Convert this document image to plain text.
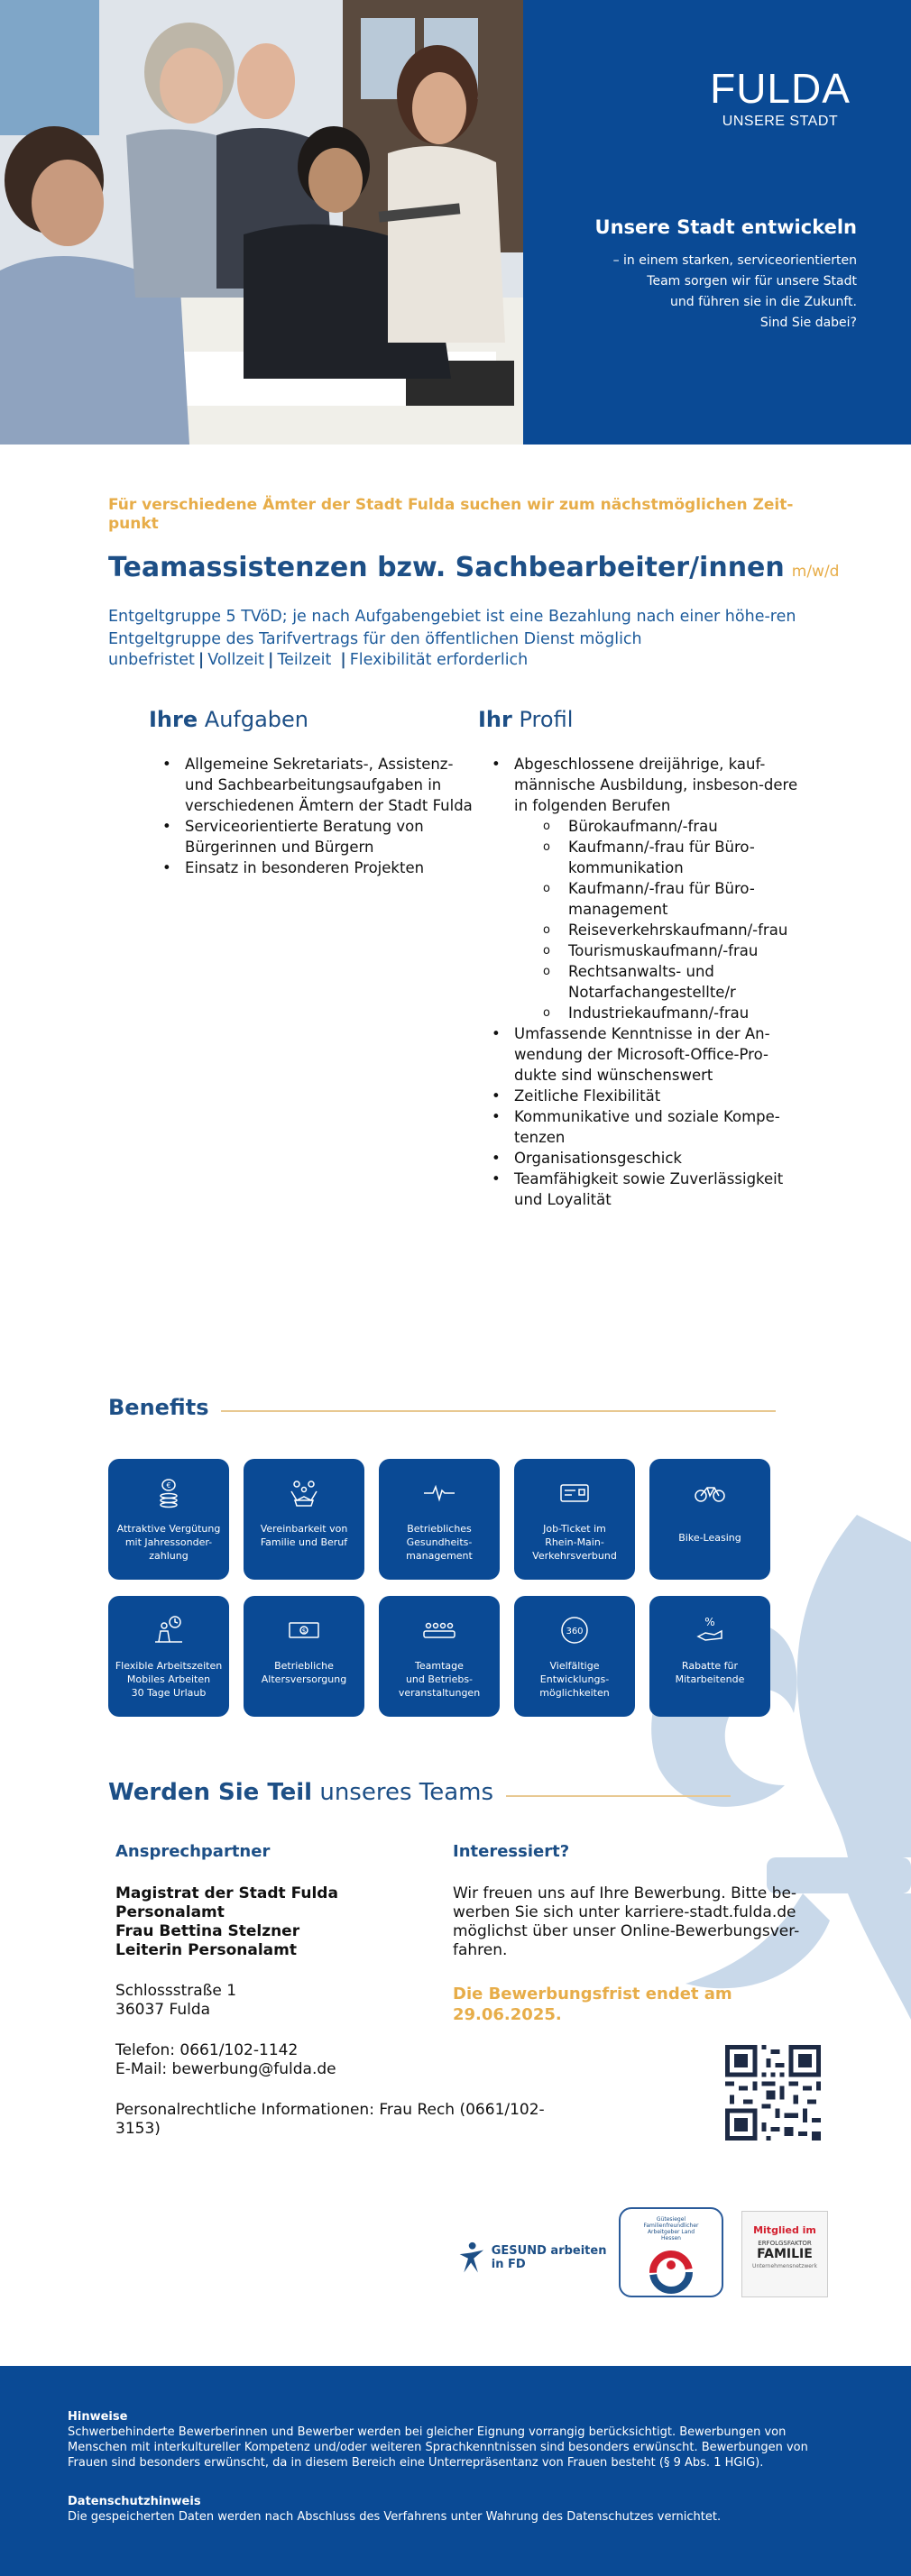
FULDA
UNSERE STADT
Unsere Stadt entwickeln
– in einem starken, serviceorientierten
Team sorgen wir für unsere Stadt
und führen sie in die Zukunft.
Sind Sie dabei?
Für verschiedene Ämter der Stadt Fulda suchen wir zum nächstmöglichen Zeit-punkt
Teamassistenzen bzw. Sachbearbeiter/innen m/w/d
Entgeltgruppe 5 TVöD; je nach Aufgabengebiet ist eine Bezahlung nach einer höhe-ren Entgeltgruppe des Tarifvertrags für den öffentlichen Dienst möglich
unbefristet | Vollzeit | Teilzeit | Flexibilität erforderlich
Ihre Aufgaben
• Allgemeine Sekretariats-, Assistenz- und Sachbearbeitungsaufgaben in verschiedenen Ämtern der Stadt Fulda
• Serviceorientierte Beratung von Bürgerinnen und Bürgern
• Einsatz in besonderen Projekten
Ihr Profil
• Abgeschlossene dreijährige, kauf-männische Ausbildung, insbeson-dere in folgenden Berufen
o Bürokaufmann/-frau
o Kaufmann/-frau für Büro-kommunikation
o Kaufmann/-frau für Büro-management
o Reiseverkehrskaufmann/-frau
o Tourismuskaufmann/-frau
o Rechtsanwalts- und Notarfachangestellte/r
o Industriekaufmann/-frau
• Umfassende Kenntnisse in der An-wendung der Microsoft-Office-Pro-dukte sind wünschenswert
• Zeitliche Flexibilität
• Kommunikative und soziale Kompe-tenzen
• Organisationsgeschick
• Teamfähigkeit sowie Zuverlässigkeit und Loyalität
Benefits
€
Attraktive Vergütung
mit Jahressonder-
zahlung
Vereinbarkeit von
Familie und Beruf
Betriebliches
Gesundheits-
management
Job-Ticket im
Rhein-Main-
Verkehrsverbund
Bike-Leasing
Flexible Arbeitszeiten
Mobiles Arbeiten
30 Tage Urlaub
$
Betriebliche
Altersversorgung
Teamtage
und Betriebs-
veranstaltungen
360
Vielfältige
Entwicklungs-
möglichkeiten
%
Rabatte für
Mitarbeitende
Werden Sie Teil unseres Teams
Ansprechpartner
Magistrat der Stadt Fulda
Personalamt
Frau Bettina Stelzner
Leiterin Personalamt
Schlossstraße 1
36037 Fulda
Telefon: 0661/102-1142
E-Mail: bewerbung@fulda.de
Personalrechtliche Informationen: Frau Rech (0661/102-3153)
Interessiert?
Wir freuen uns auf Ihre Bewerbung. Bitte be-werben Sie sich unter karriere-stadt.fulda.de möglichst über unser Online-Bewerbungsver-fahren.
Die Bewerbungsfrist endet am 29.06.2025.
GESUND arbeiten in FD
Gütesiegel Familienfreundlicher Arbeitgeber Land Hessen
Mitglied im
ERFOLGSFAKTOR
FAMILIE
Unternehmensnetzwerk
Hinweise
Schwerbehinderte Bewerberinnen und Bewerber werden bei gleicher Eignung vorrangig berücksichtigt. Bewerbungen von Menschen mit interkultureller Kompetenz und/oder weiteren Sprachkenntnissen sind besonders erwünscht. Bewerbungen von Frauen sind besonders erwünscht, da in diesem Bereich eine Unterrepräsentanz von Frauen besteht (§ 9 Abs. 1 HGlG).
Datenschutzhinweis
Die gespeicherten Daten werden nach Abschluss des Verfahrens unter Wahrung des Datenschutzes vernichtet.
